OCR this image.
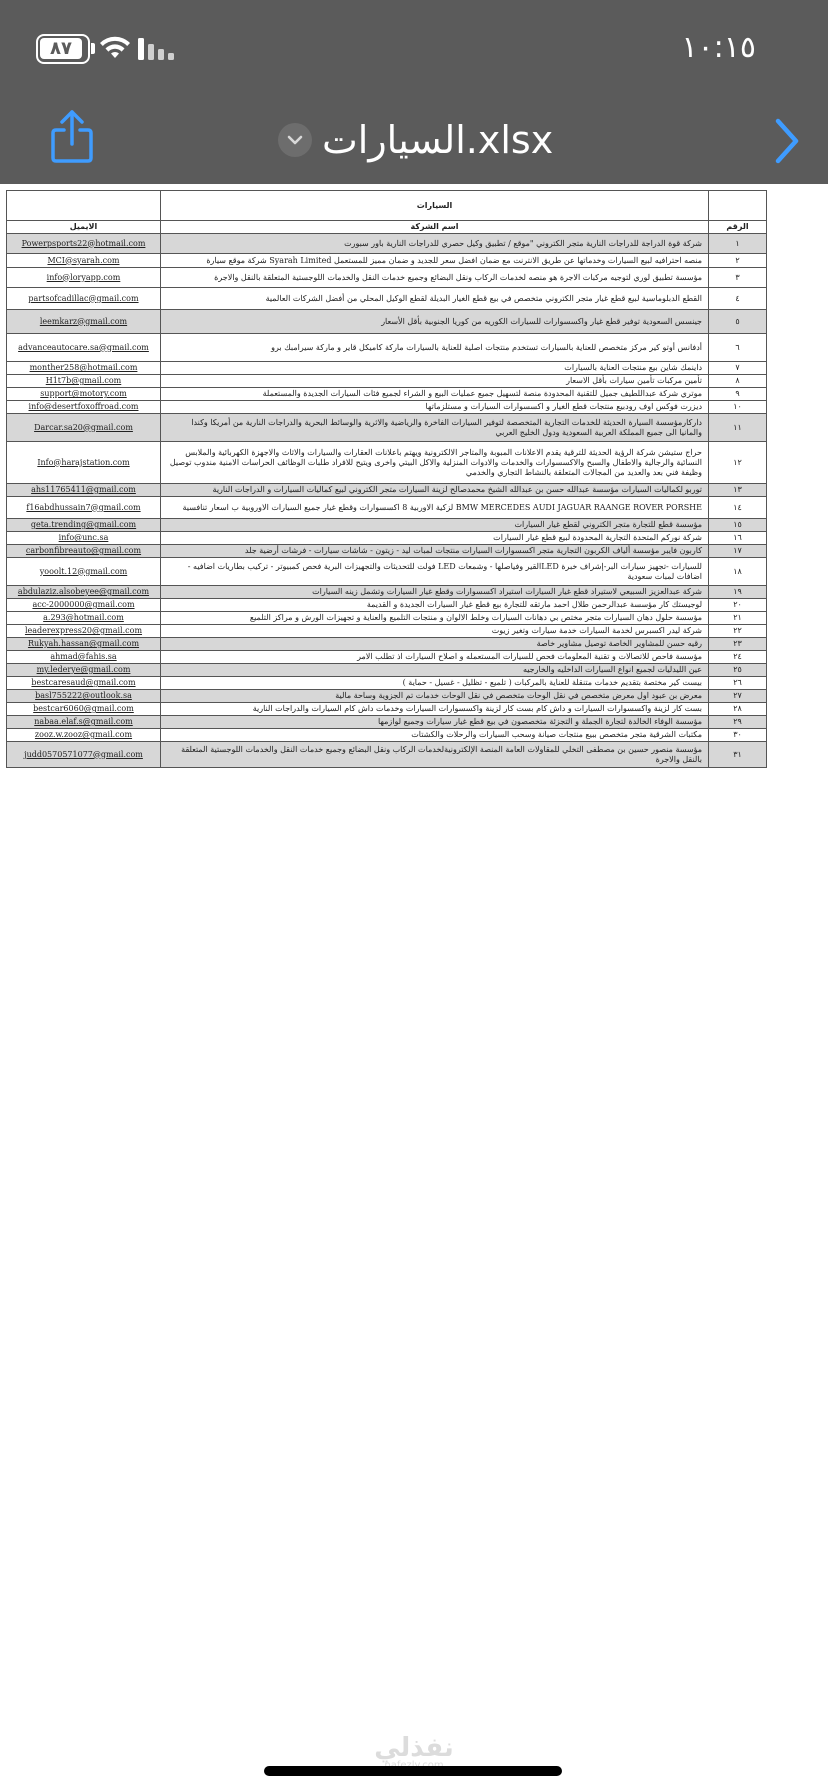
٨٧	١٠:١٥
السيارات.xlsx
	السيارات	
الايميل	اسم الشركة	الرقم
Powerpsports22@hotmail.com	شركة قوة الدراجة للدراجات النارية متجر الكتروني "موقع / تطبيق وكيل حصري للدراجات النارية باور سبورت	١
MCI@syarah.com	منصه احترافيه لبيع السيارات وخدماتها عن طريق الانترنت مع ضمان افضل سعر للجديد و ضمان مميز للمستعمل Syarah Limited شركة موقع سيارة	٢
info@loryapp.com	مؤسسة تطبيق لوري لتوجيه مركبات الاجرة هو منصه لخدمات الركاب ونقل البضائع وجميع خدمات النقل والخدمات اللوجستية المتعلقة بالنقل والاجرة	٣
partsofcadillac@gmail.com	القطع الدبلوماسية لبيع قطع غيار متجر الكتروني متخصص في بيع قطع الغيار البديلة لقطع الوكيل المحلي من أفضل الشركات العالمية	٤
leemkarz@gmail.com	جينسس السعودية توفير قطع غيار واكسسوارات للسيارات الكوريه من كوريا الجنوبية بأقل الأسعار	٥
advanceautocare.sa@gmail.com	أدفانس أوتو كير مركز متخصص للعناية بالسيارات تستخدم منتجات اصلية للعناية بالسيارات ماركة كاميكل قاير و ماركة سيرامبك برو	٦
monther258@hotmail.com	داينمك شاين بيع منتجات العناية بالسيارات	٧
H1t7b@gmail.com	تأمين مركبات تأمين سيارات بأقل الاسعار	٨
support@motory.com	موتري شركة عبداللطيف جميل للتقنية المحدودة منصة لتسهيل جميع عمليات البيع و الشراء لجميع فئات السيارات الجديدة والمستعملة	٩
info@desertfoxoffroad.com	ديزرت فوكس اوف رودبيع منتجات قطع الغيار و اكسسوارات السيارات و مستلزماتها	١٠
Darcar.sa20@gmail.com	داركارمؤسسة السيارة الحديثة للخدمات التجارية المتخصصة لتوفير السيارات الفاخرة والرياضية والاثرية والوسائط البحرية والدراجات النارية من أمريكا وكندا والمانيا الى جميع المملكة العربية السعودية ودول الخليج العربي	١١
Info@harajstation.com	حراج ستيشن شركة الرؤية الحديثة للترقية يقدم الاعلانات المبوبة والمتاجر الالكترونية ويهتم باعلانات العقارات والسيارات والاثاث والاجهزة الكهربائية والملابس النسائية والرجالية والاطفال والسبح والاكسسوارات والخدمات والادوات المنزلية والاكل البيتي واخرى ويتيح للافراد طلبات الوظائف الحراسات الامنية مندوب توصيل وظيفة فني بعد والعديد من المجالات المتعلقة بالنشاط التجاري والخدمي	١٢
ahs11765411@gmail.com	توربو لكماليات السيارات مؤسسة عبدالله حسن بن عبدالله الشيخ محمدصالح لزينة السيارات متجر الكتروني لبيع كماليات السيارات و الدراجات النارية	١٣
f16abdhussain7@gmail.com	BMW MERCEDES AUDI JAGUAR RAANGE ROVER PORSHE لزكية الاوربية 8 اكسسوارات وقطع غيار جميع السيارات الاوروبية ب اسعار تنافسية	١٤
geta.trending@gmail.com	مؤسسة قطع للتجارة متجر الكتروني لقطع غيار السيارات	١٥
info@unc.sa	شركة نوركم المتحدة التجارية المحدودة لبيع قطع غيار السيارات	١٦
carbonfibreauto@gmail.com	كاربون فايبر مؤسسة ألياف الكربون التجارية متجر اكسسوارات السيارات منتجات لمبات ليد - زيتون - شاشات سيارات - فرشات أرضية جلد	١٧
yooolt.12@gmail.com	للسيارات -تجهيز سيارات البر-إشراف خبرة LEDالقير وفياصلها - وشمعات LED فولت للتحديثات والتجهيزات البرية فحص كمبيوتر - تركيب بطاريات اضافيه - اضافات لمبات سعودية	١٨
abdulaziz.alsobeyee@gmail.com	شركة عبدالعزيز السبيعي لاستيراد قطع غيار السيارات استيراد اكسسوارات وقطع غيار السيارات وتشمل زينه السيارات	١٩
acc-2000000@gmail.com	لوجيستك كار مؤسسة عبدالرحمن طلال احمد مارتقه للتجارة بيع قطع غيار السيارات الجديدة و القديمة	٢٠
a.293@hotmail.com	مؤسسة حلول دهان السيارات متجر مختص بي دهانات السيارات وخلط الالوان و منتجات التلميع والعناية و تجهيزات الورش و مراكز التلميع	٢١
leaderexpress20@gmail.com	شركة ليدر اكسبرس لخدمة السيارات خدمة سيارات وتغير زيوت	٢٢
Rukyah.hassan@gmail.com	رقيه حسن للمشاوير الخاصة توصيل مشاوير خاصة	٢٣
ahmad@fahis.sa	مؤسسة فاحص للاتصالات و تقنية المعلومات فحص للسيارات المستعمله و اصلاح السيارات اذ تطلب الامر	٢٤
my.lederye@gmail.com	عين الليدليات لجميع انواع السيارات الداخليه والخارجيه	٢٥
bestcaresaud@gmail.com	بيست كير مختصة بتقديم خدمات متنقلة للعناية بالمركبات ( تلميع - تظليل - غسيل - حماية )	٢٦
basl755222@outlook.sa	معرض بن عبود اول معرض متخصص في نقل الوحات متخصص في نقل الوحات خدمات تم الجزوية وساحة مالية	٢٧
bestcar6060@gmail.com	بست كار لزينة واكسسوارات السيارات و داش كام بست كار لزينة واكسسوارات السيارات وخدمات داش كام السيارات والدراجات النارية	٢٨
nabaa.elaf.s@gmail.com	مؤسسة الوفاء الخالدة لتجارة الجملة و التجزئة متخصصون في بيع قطع غيار سيارات وجميع لوازمها	٢٩
zooz.w.zooz@gmail.com	مكتبات الشرقية متجر متخصص ببيع منتجات صيانة وسحب السيارات والرحلات والكشتات	٣٠
judd0570571077@gmail.com	مؤسسة منصور حسين بن مصطفى التخلي للمقاولات العامة المنصة الإلكترونيةلخدمات الركاب ونقل البضائع وجميع خدمات النقل والخدمات اللوجستية المتعلقة بالنقل والاجرة	٣١
نفذلي
